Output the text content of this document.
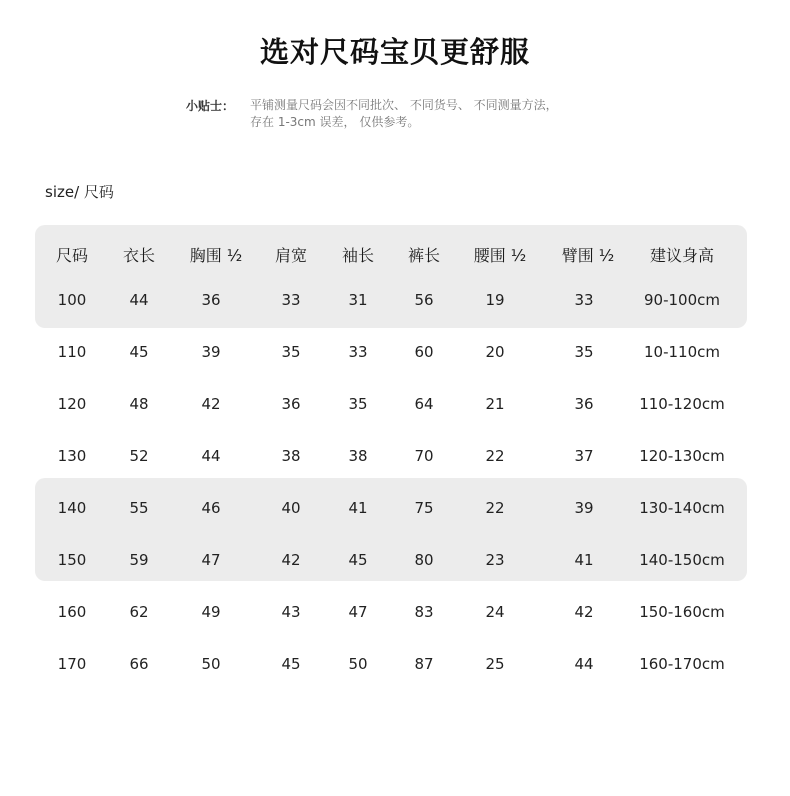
选对尺码宝贝更舒服
小贴士： 平铺测量尺码会因不同批次、 不同货号、 不同测量方法，
存在 1-3cm 误差， 仅供参考。
size/ 尺码
尺码	衣长	胸围 ½	肩宽	袖长	裤长	腰围 ½	臂围 ½	建议身高
100	44	36	33	31	56	19	33	90-100cm
110	45	39	35	33	60	20	35	10-110cm
120	48	42	36	35	64	21	36	110-120cm
130	52	44	38	38	70	22	37	120-130cm
140	55	46	40	41	75	22	39	130-140cm
150	59	47	42	45	80	23	41	140-150cm
160	62	49	43	47	83	24	42	150-160cm
170	66	50	45	50	87	25	44	160-170cm
